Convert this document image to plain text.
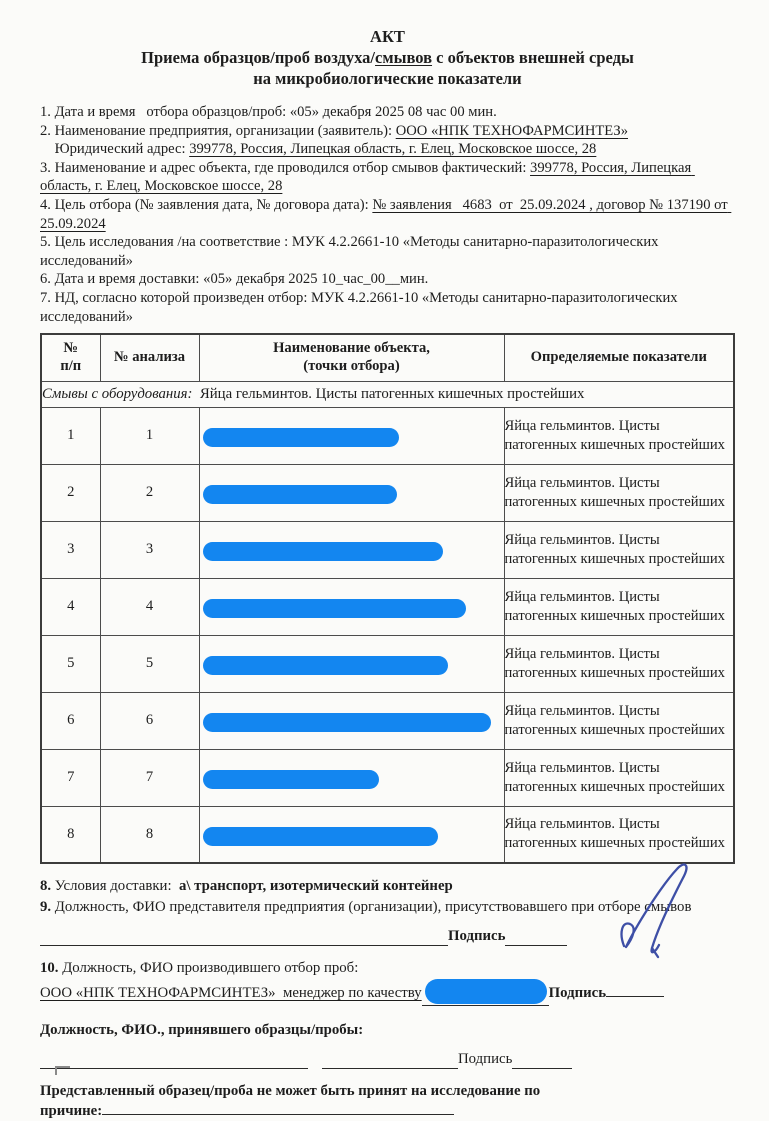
АКТ
Приема образцов/проб воздуха/смывов с объектов внешней среды
на микробиологические показатели
1. Дата и время   отбора образцов/проб: «05» декабря 2025 08 час 00 мин.
2. Наименование предприятия, организации (заявитель): ООО «НПК ТЕХНОФАРМСИНТЕЗ»
Юридический адрес: 399778, Россия, Липецкая область, г. Елец, Московское шоссе, 28
3. Наименование и адрес объекта, где проводился отбор смывов фактический: 399778, Россия, Липецкая область, г. Елец, Московское шоссе, 28
4. Цель отбора (№ заявления дата, № договора дата): № заявления   4683  от  25.09.2024 , договор № 137190 от 25.09.2024
5. Цель исследования /на соответствие : МУК 4.2.2661-10 «Методы санитарно-паразитологических исследований»
6. Дата и время доставки: «05» декабря 2025 10_час_00__мин.
7. НД, согласно которой произведен отбор: МУК 4.2.2661-10 «Методы санитарно-паразитологических исследований»
№
п/п
	№ анализа	
Наименование объекта,
(точки отбора)
	Определяемые показатели
Смывы с оборудования:  Яйца гельминтов. Цисты патогенных кишечных простейших			
1	1		Яйца гельминтов. Цисты патогенных кишечных простейших
2	2		Яйца гельминтов. Цисты патогенных кишечных простейших
3	3		Яйца гельминтов. Цисты патогенных кишечных простейших
4	4		Яйца гельминтов. Цисты патогенных кишечных простейших
5	5		Яйца гельминтов. Цисты патогенных кишечных простейших
6	6		Яйца гельминтов. Цисты патогенных кишечных простейших
7	7		Яйца гельминтов. Цисты патогенных кишечных простейших
8	8		Яйца гельминтов. Цисты патогенных кишечных простейших
8. Условия доставки:  а\ транспорт, изотермический контейнер
9. Должность, ФИО представителя предприятия (организации), присутствовавшего при отборе смывов
Подпись
10. Должность, ФИО производившего отбор проб:
ООО «НПК ТЕХНОФАРМСИНТЕЗ»  менеджер по качеству	Подпись
Должность, ФИО., принявшего образцы/пробы:
Подпись
Представленный образец/проба не может быть принят на исследование по
причине:
